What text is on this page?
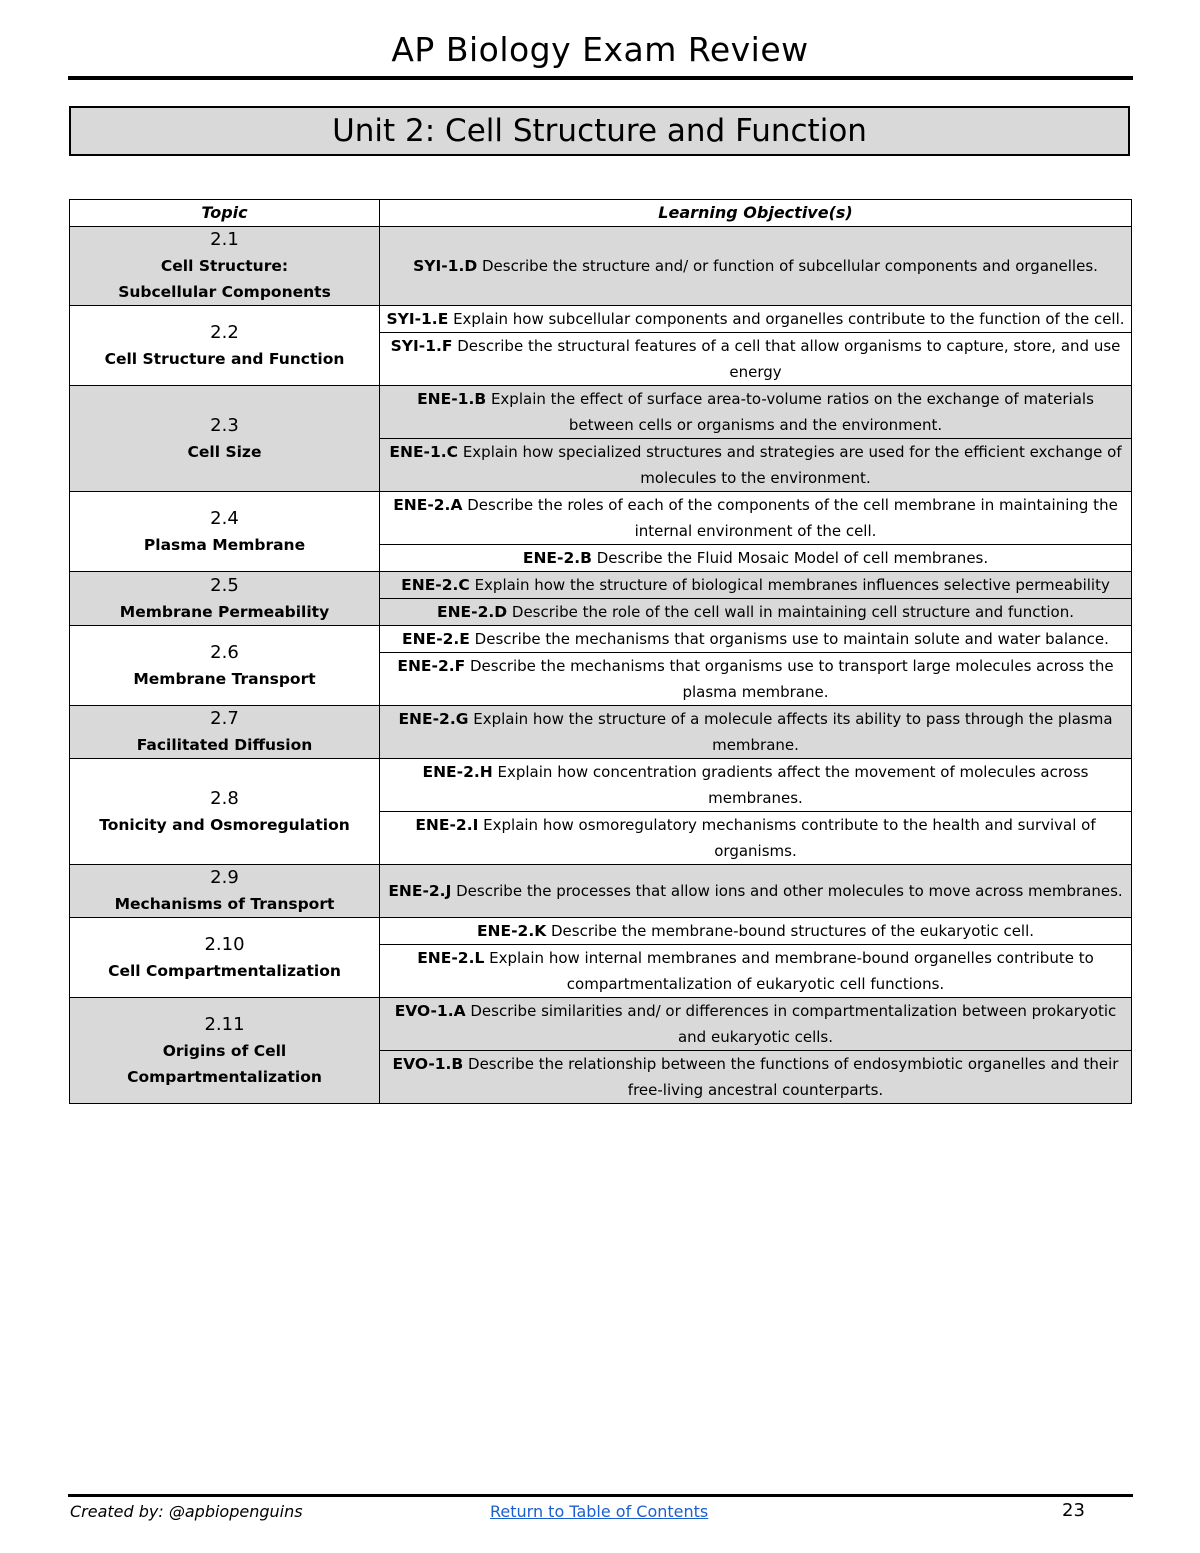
AP Biology Exam Review
Unit 2: Cell Structure and Function
Topic	Learning Objective(s)

2.1
Cell Structure:
Subcellular Components	SYI-1.D Describe the structure and/ or function of subcellular components and organelles.

2.2
Cell Structure and Function	SYI-1.E Explain how subcellular components and organelles contribute to the function of the cell.
	SYI-1.F Describe the structural features of a cell that allow organisms to capture, store, and use energy

2.3
Cell Size	ENE-1.B Explain the effect of surface area-to-volume ratios on the exchange of materials between cells or organisms and the environment.
	ENE-1.C Explain how specialized structures and strategies are used for the efficient exchange of molecules to the environment.

2.4
Plasma Membrane	ENE-2.A Describe the roles of each of the components of the cell membrane in maintaining the internal environment of the cell.
	ENE-2.B Describe the Fluid Mosaic Model of cell membranes.

2.5
Membrane Permeability	ENE-2.C Explain how the structure of biological membranes influences selective permeability
	ENE-2.D Describe the role of the cell wall in maintaining cell structure and function.

2.6
Membrane Transport	ENE-2.E Describe the mechanisms that organisms use to maintain solute and water balance.
	ENE-2.F Describe the mechanisms that organisms use to transport large molecules across the plasma membrane.

2.7
Facilitated Diffusion	ENE-2.G Explain how the structure of a molecule affects its ability to pass through the plasma membrane.

2.8
Tonicity and Osmoregulation	ENE-2.H Explain how concentration gradients affect the movement of molecules across membranes.
	ENE-2.I Explain how osmoregulatory mechanisms contribute to the health and survival of organisms.

2.9
Mechanisms of Transport	ENE-2.J Describe the processes that allow ions and other molecules to move across membranes.

2.10
Cell Compartmentalization	ENE-2.K Describe the membrane-bound structures of the eukaryotic cell.
	ENE-2.L Explain how internal membranes and membrane-bound organelles contribute to compartmentalization of eukaryotic cell functions.

2.11
Origins of Cell
Compartmentalization	EVO-1.A Describe similarities and/ or differences in compartmentalization between prokaryotic and eukaryotic cells.
	EVO-1.B Describe the relationship between the functions of endosymbiotic organelles and their free-living ancestral counterparts.
Created by: @apbiopenguins	Return to Table of Contents	23
